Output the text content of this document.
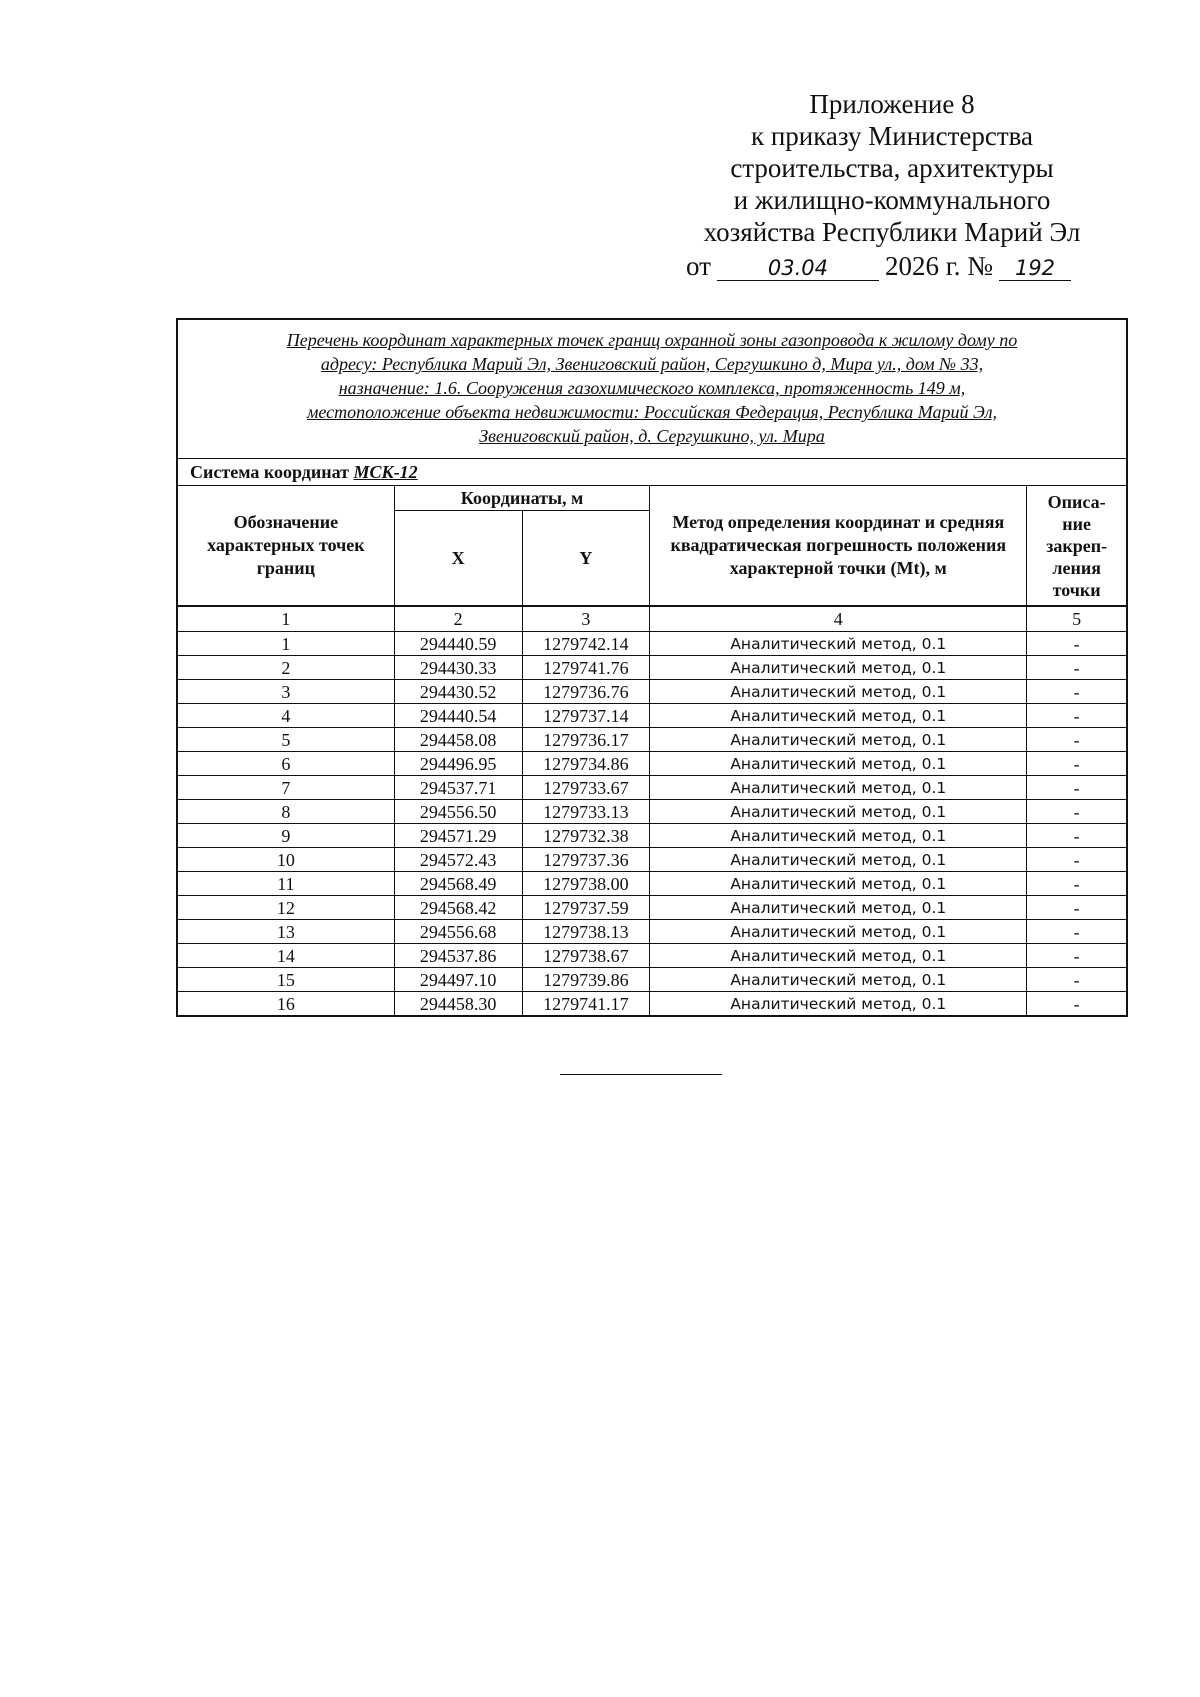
Приложение 8
к приказу Министерства
строительства, архитектуры
и жилищно-коммунального
хозяйства Республики Марий Эл
от	03.04 2026 г. № 192
Перечень координат характерных точек границ охранной зоны газопровода к жилому дому по
адресу: Республика Марий Эл, Звениговский район, Сергушкино д, Мира ул., дом № 33,
назначение: 1.6. Сооружения газохимического комплекса, протяженность 149 м,
местоположение объекта недвижимости: Российская Федерация, Республика Марий Эл,
Звениговский район, д. Сергушкино, ул. Мира				

Система координат МСК-12				
Обозначение характерных точек границ	Координаты, м		Метод определения координат и средняя квадратическая погрешность положения характерной точки (Mt), м	Описа-
ние
закреп-
ления
точки

	X	Y		
1	2	3	4	5
1	294440.59	1279742.14	Аналитический метод, 0.1	-
2	294430.33	1279741.76	Аналитический метод, 0.1	-
3	294430.52	1279736.76	Аналитический метод, 0.1	-
4	294440.54	1279737.14	Аналитический метод, 0.1	-
5	294458.08	1279736.17	Аналитический метод, 0.1	-
6	294496.95	1279734.86	Аналитический метод, 0.1	-
7	294537.71	1279733.67	Аналитический метод, 0.1	-
8	294556.50	1279733.13	Аналитический метод, 0.1	-
9	294571.29	1279732.38	Аналитический метод, 0.1	-
10	294572.43	1279737.36	Аналитический метод, 0.1	-
11	294568.49	1279738.00	Аналитический метод, 0.1	-
12	294568.42	1279737.59	Аналитический метод, 0.1	-
13	294556.68	1279738.13	Аналитический метод, 0.1	-
14	294537.86	1279738.67	Аналитический метод, 0.1	-
15	294497.10	1279739.86	Аналитический метод, 0.1	-
16	294458.30	1279741.17	Аналитический метод, 0.1	-
